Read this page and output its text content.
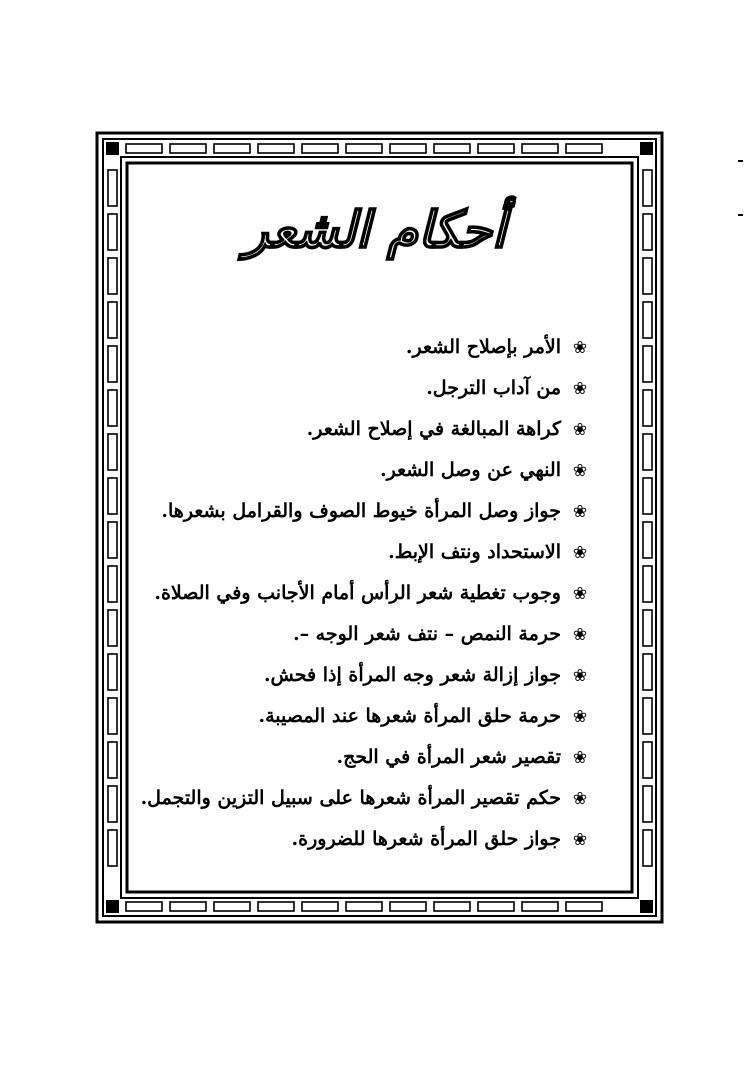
أحكام الشعر
❀الأمر بإصلاح الشعر.
❀من آداب الترجل.
❀كراهة المبالغة في إصلاح الشعر.
❀النهي عن وصل الشعر.
❀جواز وصل المرأة خيوط الصوف والقرامل بشعرها.
❀الاستحداد ونتف الإبط.
❀وجوب تغطية شعر الرأس أمام الأجانب وفي الصلاة.
❀حرمة النمص – نتف شعر الوجه –.
❀جواز إزالة شعر وجه المرأة إذا فحش.
❀حرمة حلق المرأة شعرها عند المصيبة.
❀تقصير شعر المرأة في الحج.
❀حكم تقصير المرأة شعرها على سبيل التزين والتجمل.
❀جواز حلق المرأة شعرها للضرورة.
